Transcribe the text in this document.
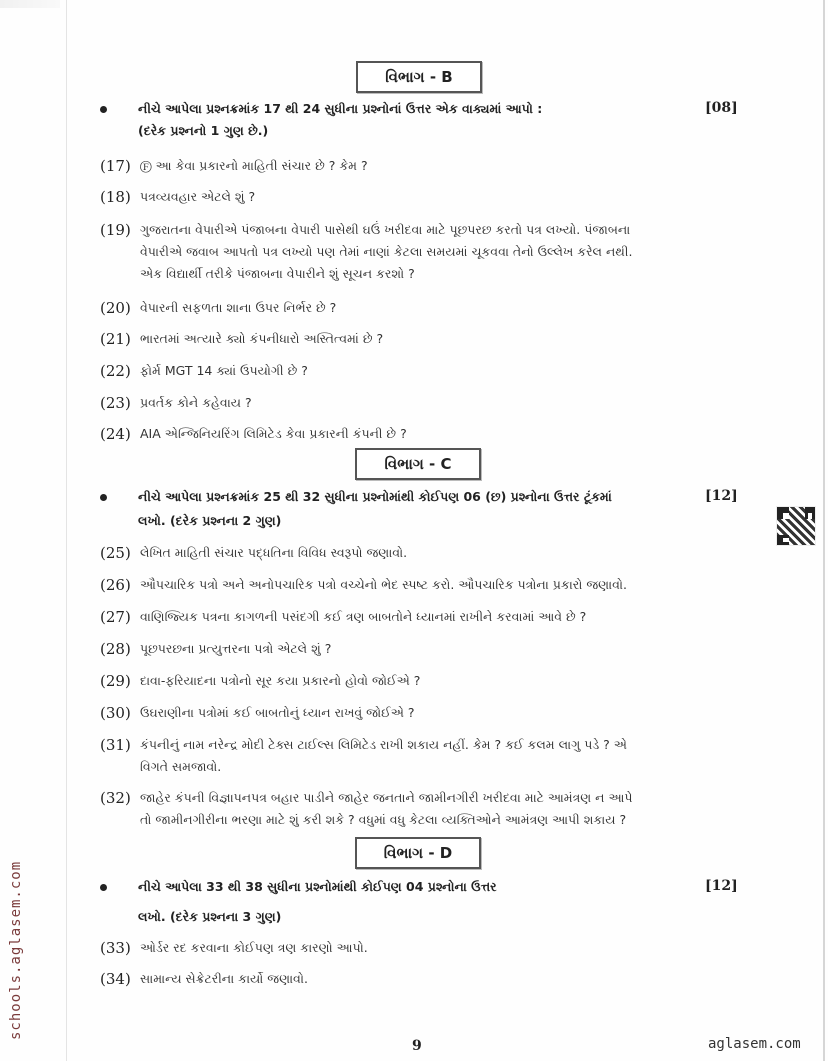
વિભાગ - B
નીચે આપેલા પ્રશ્નક્રમાંક 17 થી 24 સુધીના પ્રશ્નોનાં ઉત્તર એક વાક્યમાં આપો :
(દરેક પ્રશ્નનો 1 ગુણ છે.)
[08]
(17) Ⓕ આ કેવા પ્રકારનો માહિતી સંચાર છે ? કેમ ?
(18) પત્રવ્યવહાર એટલે શું ?
(19) ગુજરાતના વેપારીએ પંજાબના વેપારી પાસેથી ઘઉં ખરીદવા માટે પૂછપરછ કરતો પત્ર લખ્યો. પંજાબના
વેપારીએ જવાબ આપતો પત્ર લખ્યો પણ તેમાં નાણાં કેટલા સમયમાં ચૂકવવા તેનો ઉલ્લેખ કરેલ નથી.
એક વિદ્યાર્થી તરીકે પંજાબના વેપારીને શું સૂચન કરશો ?
(20) વેપારની સફળતા શાના ઉપર નિર્ભર છે ?
(21) ભારતમાં અત્યારે ક્યો કંપનીધારો અસ્તિત્વમાં છે ?
(22) ફોર્મ MGT 14 ક્યાં ઉપયોગી છે ?
(23) પ્રવર્તક કોને કહેવાય ?
(24) AIA એન્જિનિયરિંગ લિમિટેડ કેવા પ્રકારની કંપની છે ?
વિભાગ - C
નીચે આપેલા પ્રશ્નક્રમાંક 25 થી 32 સુધીના પ્રશ્નોમાંથી કોઈપણ 06 (છ) પ્રશ્નોના ઉત્તર ટૂંકમાં
લખો. (દરેક પ્રશ્નના 2 ગુણ)
[12]
(25) લેખિત માહિતી સંચાર પદ્ધતિના વિવિધ સ્વરૂપો જણાવો.
(26) ઔપચારિક પત્રો અને અનોપચારિક પત્રો વચ્ચેનો ભેદ સ્પષ્ટ કરો. ઔપચારિક પત્રોના પ્રકારો જણાવો.
(27) વાણિજ્યિક પત્રના કાગળની પસંદગી કઈ ત્રણ બાબતોને ધ્યાનમાં રાખીને કરવામાં આવે છે ?
(28) પૂછપરછના પ્રત્યુત્તરના પત્રો એટલે શું ?
(29) દાવા-ફરિયાદના પત્રોનો સૂર કયા પ્રકારનો હોવો જોઈએ ?
(30) ઉઘરાણીના પત્રોમાં કઈ બાબતોનું ધ્યાન રાખવું જોઈએ ?
(31) કંપનીનું નામ નરેન્દ્ર મોદી ટેક્સ ટાઈલ્સ લિમિટેડ રાખી શકાય નહીં. કેમ ? કઈ કલમ લાગુ પડે ? એ
વિગતે સમજાવો.
(32) જાહેર કંપની વિજ્ઞાપનપત્ર બહાર પાડીને જાહેર જનતાને જામીનગીરી ખરીદવા માટે આમંત્રણ ન આપે
તો જામીનગીરીના ભરણા માટે શું કરી શકે ? વધુમાં વધુ કેટલા વ્યક્તિઓને આમંત્રણ આપી શકાય ?
વિભાગ - D
નીચે આપેલા 33 થી 38 સુધીના પ્રશ્નોમાંથી કોઈપણ 04 પ્રશ્નોના ઉત્તર
લખો. (દરેક પ્રશ્નના 3 ગુણ)
[12]
(33) ઓર્ડર રદ કરવાના કોઈપણ ત્રણ કારણો આપો.
(34) સામાન્ય સેક્રેટરીના કાર્યો જણાવો.
9
schools.aglasem.com
aglasem.com
